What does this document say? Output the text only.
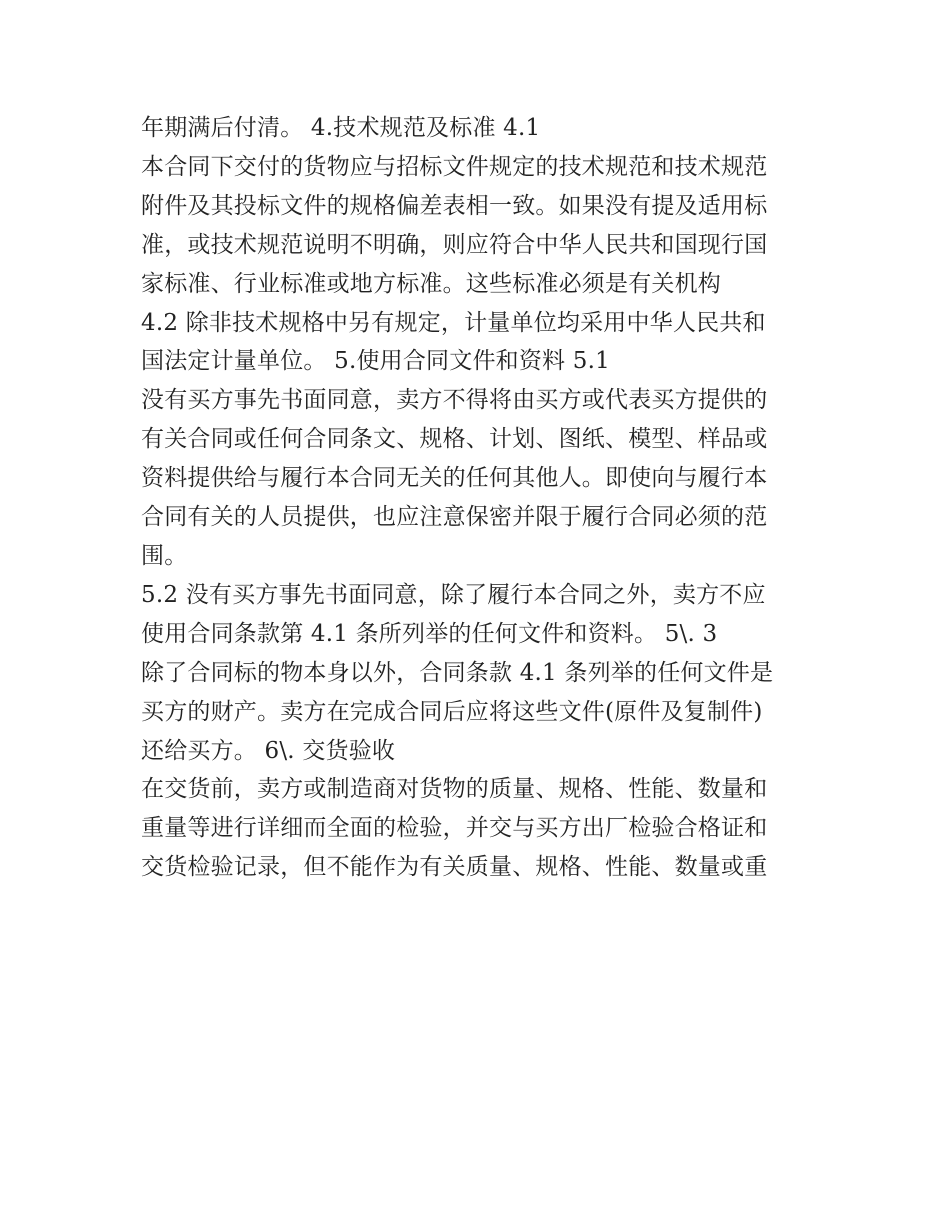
年期满后付清。 4.技术规范及标准 4.1
本合同下交付的货物应与招标文件规定的技术规范和技术规范
附件及其投标文件的规格偏差表相一致。如果没有提及适用标
准，或技术规范说明不明确，则应符合中华人民共和国现行国
家标准、行业标准或地方标准。这些标准必须是有关机构
4.2 除非技术规格中另有规定，计量单位均采用中华人民共和
国法定计量单位。 5.使用合同文件和资料 5.1
没有买方事先书面同意，卖方不得将由买方或代表买方提供的
有关合同或任何合同条文、规格、计划、图纸、模型、样品或
资料提供给与履行本合同无关的任何其他人。即使向与履行本
合同有关的人员提供，也应注意保密并限于履行合同必须的范
围。
5.2 没有买方事先书面同意，除了履行本合同之外，卖方不应
使用合同条款第 4.1 条所列举的任何文件和资料。 5\. 3
除了合同标的物本身以外，合同条款 4.1 条列举的任何文件是
买方的财产。卖方在完成合同后应将这些文件(原件及复制件)
还给买方。 6\. 交货验收
在交货前，卖方或制造商对货物的质量、规格、性能、数量和
重量等进行详细而全面的检验，并交与买方出厂检验合格证和
交货检验记录，但不能作为有关质量、规格、性能、数量或重
